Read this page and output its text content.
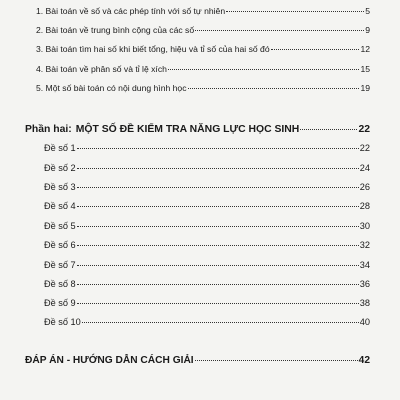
1. Bài toán về số và các phép tính với số tự nhiên	5
2. Bài toán về trung bình cộng của các số	9
3. Bài toán tìm hai số khi biết tổng, hiệu và tỉ số của hai số đó	12
4. Bài toán về phân số và tỉ lệ xích	15
5. Một số bài toán có nội dung hình học	19
Phần hai: MỘT SỐ ĐỀ KIỂM TRA NĂNG LỰC HỌC SINH	22
Đề số 1	22
Đề số 2	24
Đề số 3	26
Đề số 4	28
Đề số 5	30
Đề số 6	32
Đề số 7	34
Đề số 8	36
Đề số 9	38
Đề số 10	40
ĐÁP ÁN - HƯỚNG DẪN CÁCH GIẢI	42
